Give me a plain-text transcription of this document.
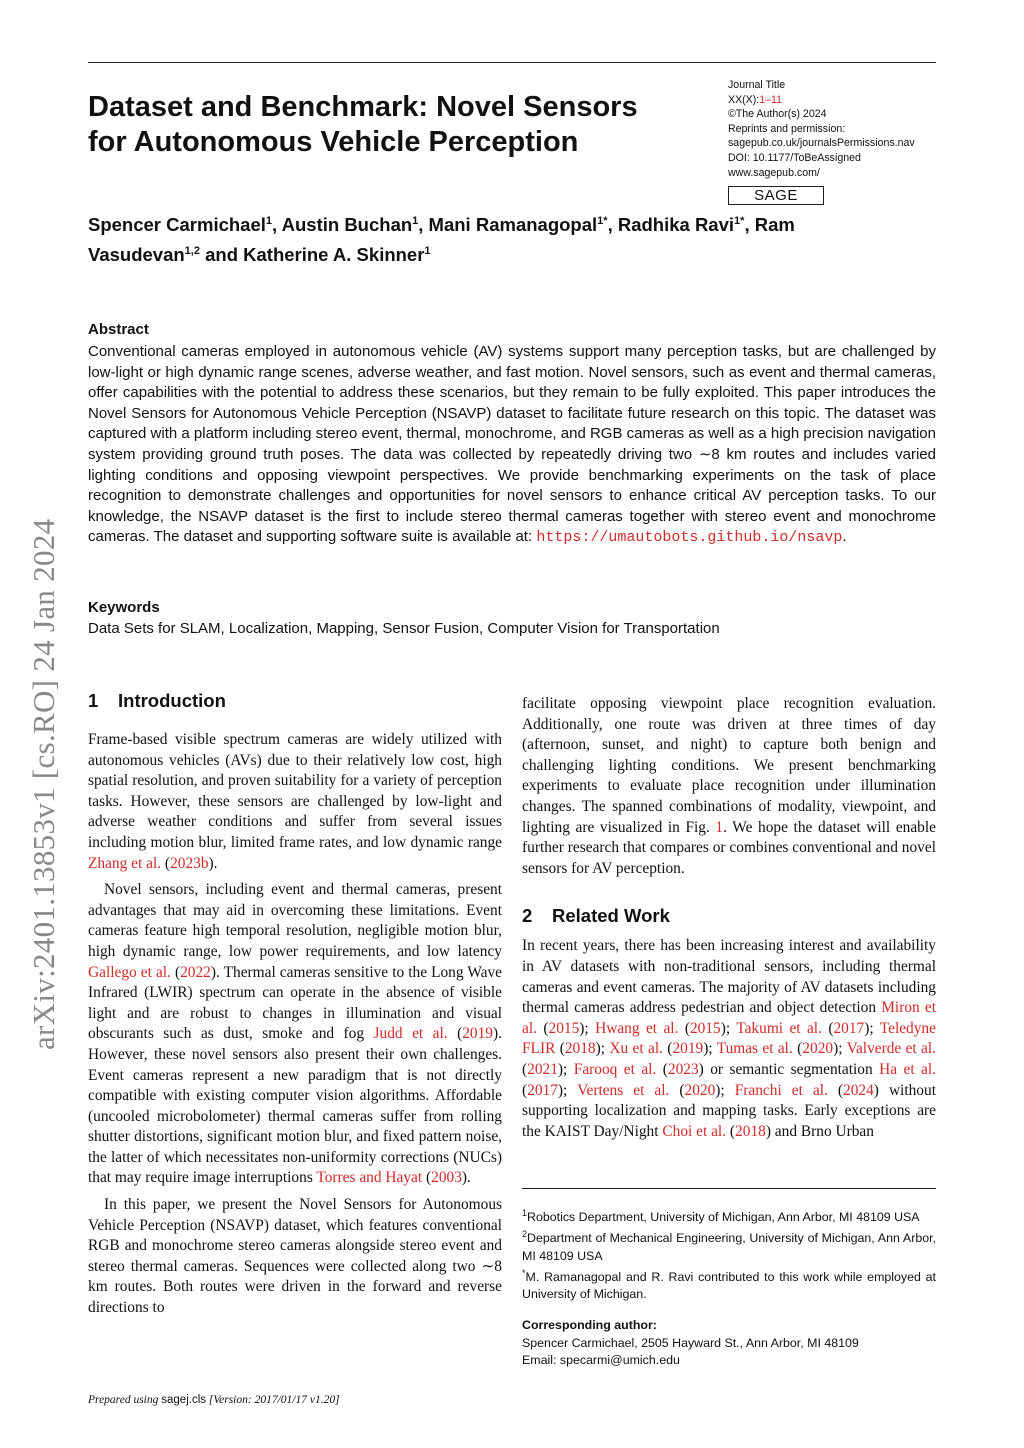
Dataset and Benchmark: Novel Sensors
for Autonomous Vehicle Perception
Journal Title
XX(X):1–11
©The Author(s) 2024
Reprints and permission:
sagepub.co.uk/journalsPermissions.nav
DOI: 10.1177/ToBeAssigned
www.sagepub.com/
SAGE
Spencer Carmichael$^1$, Austin Buchan$^1$, Mani Ramanagopal$^{1*}$, Radhika Ravi$^{1*}$, Ram Vasudevan$^{1,2}$ and Katherine A. Skinner$^1$
Abstract
Conventional cameras employed in autonomous vehicle (AV) systems support many perception tasks, but are challenged by low-light or high dynamic range scenes, adverse weather, and fast motion. Novel sensors, such as event and thermal cameras, offer capabilities with the potential to address these scenarios, but they remain to be fully exploited. This paper introduces the Novel Sensors for Autonomous Vehicle Perception (NSAVP) dataset to facilitate future research on this topic. The dataset was captured with a platform including stereo event, thermal, monochrome, and RGB cameras as well as a high precision navigation system providing ground truth poses. The data was collected by repeatedly driving two ∼8 km routes and includes varied lighting conditions and opposing viewpoint perspectives. We provide benchmarking experiments on the task of place recognition to demonstrate challenges and opportunities for novel sensors to enhance critical AV perception tasks. To our knowledge, the NSAVP dataset is the first to include stereo thermal cameras together with stereo event and monochrome cameras. The dataset and supporting software suite is available at: https://umautobots.github.io/nsavp.
Keywords
Data Sets for SLAM, Localization, Mapping, Sensor Fusion, Computer Vision for Transportation
arXiv:2401.13853v1 [cs.RO] 24 Jan 2024 1 Introduction

Frame-based visible spectrum cameras are widely utilized with autonomous vehicles (AVs) due to their relatively low cost, high spatial resolution, and proven suitability for a variety of perception tasks. However, these sensors are challenged by low-light and adverse weather conditions and suffer from several issues including motion blur, limited frame rates, and low dynamic range Zhang et al. (2023b).

Novel sensors, including event and thermal cameras, present advantages that may aid in overcoming these limitations. Event cameras feature high temporal resolution, negligible motion blur, high dynamic range, low power requirements, and low latency Gallego et al. (2022). Thermal cameras sensitive to the Long Wave Infrared (LWIR) spectrum can operate in the absence of visible light and are robust to changes in illumination and visual obscurants such as dust, smoke and fog Judd et al. (2019). However, these novel sensors also present their own challenges. Event cameras represent a new paradigm that is not directly compatible with existing computer vision algorithms. Affordable (uncooled microbolometer) thermal cameras suffer from rolling shutter distortions, significant motion blur, and fixed pattern noise, the latter of which necessitates non-uniformity corrections (NUCs) that may require image interruptions Torres and Hayat (2003).

In this paper, we present the Novel Sensors for Autonomous Vehicle Perception (NSAVP) dataset, which features conventional RGB and monochrome stereo cameras alongside stereo event and stereo thermal cameras. Sequences were collected along two ∼8 km routes. Both routes were driven in the forward and reverse directions to

facilitate opposing viewpoint place recognition evaluation. Additionally, one route was driven at three times of day (afternoon, sunset, and night) to capture both benign and challenging lighting conditions. We present benchmarking experiments to evaluate place recognition under illumination changes. The spanned combinations of modality, viewpoint, and lighting are visualized in Fig. 1. We hope the dataset will enable further research that compares or combines conventional and novel sensors for AV perception.

2 Related Work

In recent years, there has been increasing interest and availability in AV datasets with non-traditional sensors, including thermal cameras and event cameras. The majority of AV datasets including thermal cameras address pedestrian and object detection Miron et al. (2015); Hwang et al. (2015); Takumi et al. (2017); Teledyne FLIR (2018); Xu et al. (2019); Tumas et al. (2020); Valverde et al. (2021); Farooq et al. (2023) or semantic segmentation Ha et al. (2017); Vertens et al. (2020); Franchi et al. (2024) without supporting localization and mapping tasks. Early exceptions are the KAIST Day/Night Choi et al. (2018) and Brno Urban

$^1$Robotics Department, University of Michigan, Ann Arbor, MI 48109 USA

$^2$Department of Mechanical Engineering, University of Michigan, Ann Arbor, MI 48109 USA

*M. Ramanagopal and R. Ravi contributed to this work while employed at University of Michigan.

Corresponding author:

Spencer Carmichael, 2505 Hayward St., Ann Arbor, MI 48109

Email: specarmi@umich.edu

Prepared using sagej.cls [Version: 2017/01/17 v1.20]
